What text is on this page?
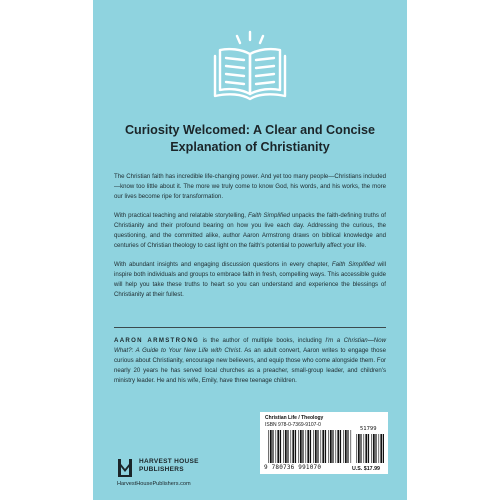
Curiosity Welcomed: A Clear and Concise
Explanation of Christianity

The Christian faith has incredible life-changing power. And yet too many people—Christians included—know too little about it. The more we truly come to know God, his words, and his works, the more our lives become ripe for transformation.

With practical teaching and relatable storytelling, Faith Simplified unpacks the faith-defining truths of Christianity and their profound bearing on how you live each day. Addressing the curious, the questioning, and the committed alike, author Aaron Armstrong draws on biblical knowledge and centuries of Christian theology to cast light on the faith's potential to powerfully affect your life.

With abundant insights and engaging discussion questions in every chapter, Faith Simplified will inspire both individuals and groups to embrace faith in fresh, compelling ways. This accessible guide will help you take these truths to heart so you can understand and experience the blessings of Christianity at their fullest.

AARON ARMSTRONG is the author of multiple books, including I'm a Christian—Now What?: A Guide to Your New Life with Christ. As an adult convert, Aaron writes to engage those curious about Christianity, encourage new believers, and equip those who come alongside them. For nearly 20 years he has served local churches as a preacher, small-group leader, and children's ministry leader. He and his wife, Emily, have three teenage children.
HARVEST HOUSE
PUBLISHERS
HarvestHousePublishers.com
Christian Life / Theology
ISBN 978-0-7369-9107-0
51799
9 780736 991070	U.S. $17.99
